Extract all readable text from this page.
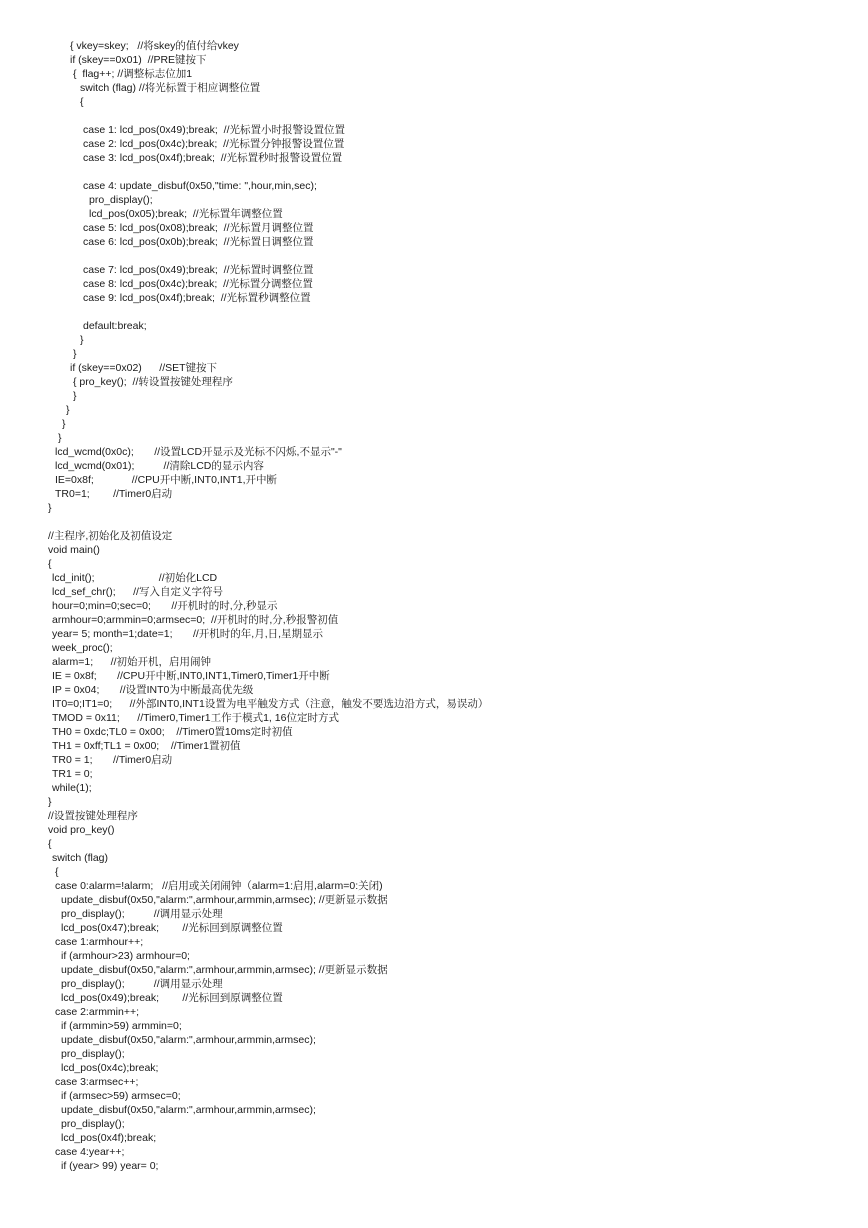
{ vkey=skey;   //将skey的值付给vkey
if (skey==0x01)  //PRE键按下
{  flag++; //调整标志位加1
switch (flag) //将光标置于相应调整位置
{
case 1: lcd_pos(0x49);break;  //光标置小时报警设置位置
case 2: lcd_pos(0x4c);break;  //光标置分钟报警设置位置
case 3: lcd_pos(0x4f);break;  //光标置秒时报警设置位置
case 4: update_disbuf(0x50,"time: ",hour,min,sec);
pro_display();
lcd_pos(0x05);break;  //光标置年调整位置
case 5: lcd_pos(0x08);break;  //光标置月调整位置
case 6: lcd_pos(0x0b);break;  //光标置日调整位置
case 7: lcd_pos(0x49);break;  //光标置时调整位置
case 8: lcd_pos(0x4c);break;  //光标置分调整位置
case 9: lcd_pos(0x4f);break;  //光标置秒调整位置
default:break;
}
}
if (skey==0x02)      //SET键按下
{ pro_key();  //转设置按键处理程序
}
}
}
}
lcd_wcmd(0x0c);       //设置LCD开显示及光标不闪烁,不显示"-"
lcd_wcmd(0x01);          //清除LCD的显示内容
IE=0x8f;             //CPU开中断,INT0,INT1,开中断
TR0=1;        //Timer0启动
}
//主程序,初始化及初值设定
void main()
{
lcd_init();                      //初始化LCD
lcd_sef_chr();      //写入自定义字符号
hour=0;min=0;sec=0;       //开机时的时,分,秒显示
armhour=0;armmin=0;armsec=0;  //开机时的时,分,秒报警初值
year= 5; month=1;date=1;       //开机时的年,月,日,星期显示
week_proc();
alarm=1;      //初始开机，启用闹钟
IE = 0x8f;       //CPU开中断,INT0,INT1,Timer0,Timer1开中断
IP = 0x04;       //设置INT0为中断最高优先级
IT0=0;IT1=0;      //外部INT0,INT1设置为电平触发方式（注意，触发不要选边沿方式，易误动）
TMOD = 0x11;      //Timer0,Timer1工作于模式1, 16位定时方式
TH0 = 0xdc;TL0 = 0x00;    //Timer0置10ms定时初值
TH1 = 0xff;TL1 = 0x00;    //Timer1置初值
TR0 = 1;       //Timer0启动
TR1 = 0;
while(1);
}
//设置按键处理程序
void pro_key()
{
switch (flag)
{
case 0:alarm=!alarm;   //启用或关闭闹钟（alarm=1:启用,alarm=0:关闭)
update_disbuf(0x50,"alarm:",armhour,armmin,armsec); //更新显示数据
pro_display();          //调用显示处理
lcd_pos(0x47);break;        //光标回到原调整位置
case 1:armhour++;
if (armhour>23) armhour=0;
update_disbuf(0x50,"alarm:",armhour,armmin,armsec); //更新显示数据
pro_display();          //调用显示处理
lcd_pos(0x49);break;        //光标回到原调整位置
case 2:armmin++;
if (armmin>59) armmin=0;
update_disbuf(0x50,"alarm:",armhour,armmin,armsec);
pro_display();
lcd_pos(0x4c);break;
case 3:armsec++;
if (armsec>59) armsec=0;
update_disbuf(0x50,"alarm:",armhour,armmin,armsec);
pro_display();
lcd_pos(0x4f);break;
case 4:year++;
if (year> 99) year= 0;
